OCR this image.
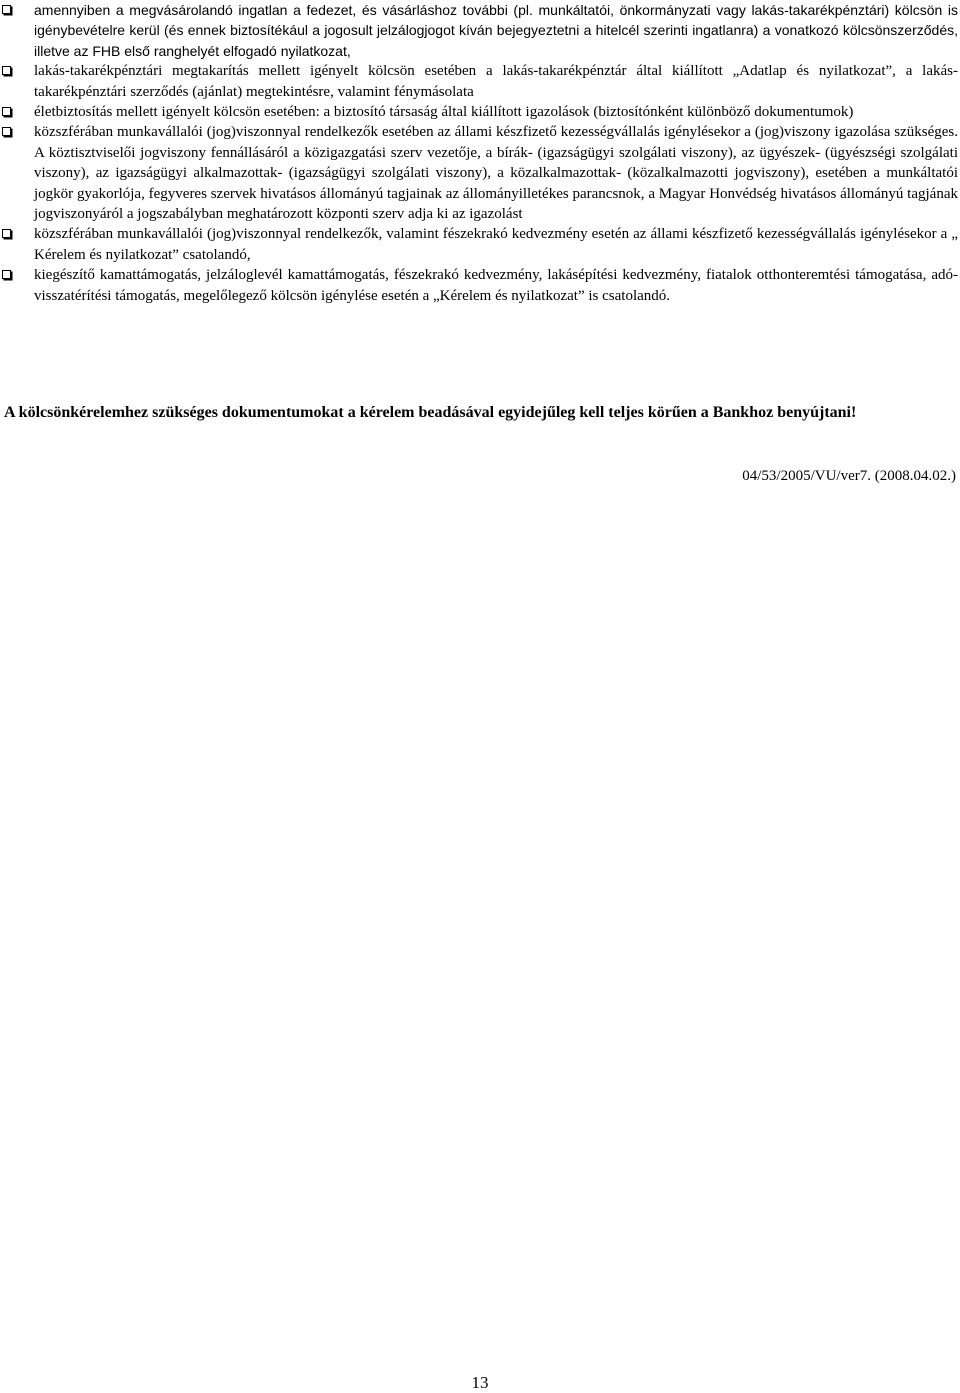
amennyiben a megvásárolandó ingatlan a fedezet, és vásárláshoz további (pl. munkáltatói, önkormányzati vagy lakás-takarékpénztári) kölcsön is igénybevételre kerül (és ennek biztosítékául a jogosult jelzálogjogot kíván bejegyeztetni a hitelcél szerinti ingatlanra) a vonatkozó kölcsönszerződés, illetve az FHB első ranghelyét elfogadó nyilatkozat,
lakás-takarékpénztári megtakarítás mellett igényelt kölcsön esetében a lakás-takarékpénztár által kiállított „Adatlap és nyilatkozat”, a lakás-takarékpénztári szerződés (ajánlat) megtekintésre, valamint fénymásolata
életbiztosítás mellett igényelt kölcsön esetében: a biztosító társaság által kiállított igazolások (biztosítónként különböző dokumentumok)
közszférában munkavállalói (jog)viszonnyal rendelkezők esetében az állami készfizető kezességvállalás igénylésekor a (jog)viszony igazolása szükséges. A köztisztviselői jogviszony fennállásáról a közigazgatási szerv vezetője, a bírák- (igazságügyi szolgálati viszony), az ügyészek- (ügyészségi szolgálati viszony), az igazságügyi alkalmazottak- (igazságügyi szolgálati viszony), a közalkalmazottak- (közalkalmazotti jogviszony), esetében a munkáltatói jogkör gyakorlója, fegyveres szervek hivatásos állományú tagjainak az állományilletékes parancsnok, a Magyar Honvédség hivatásos állományú tagjának jogviszonyáról a jogszabályban meghatározott központi szerv adja ki az igazolást
közszférában munkavállalói (jog)viszonnyal rendelkezők, valamint fészekrakó kedvezmény esetén az állami készfizető kezességvállalás igénylésekor a „ Kérelem és nyilatkozat” csatolandó,
kiegészítő kamattámogatás, jelzáloglevél kamattámogatás, fészekrakó kedvezmény, lakásépítési kedvezmény, fiatalok otthonteremtési támogatása, adó-visszatérítési támogatás, megelőlegező kölcsön igénylése esetén a „Kérelem és nyilatkozat” is csatolandó.

A kölcsönkérelemhez szükséges dokumentumokat a kérelem beadásával egyidejűleg kell teljes körűen a Bankhoz benyújtani!

04/53/2005/VU/ver7. (2008.04.02.)

13
